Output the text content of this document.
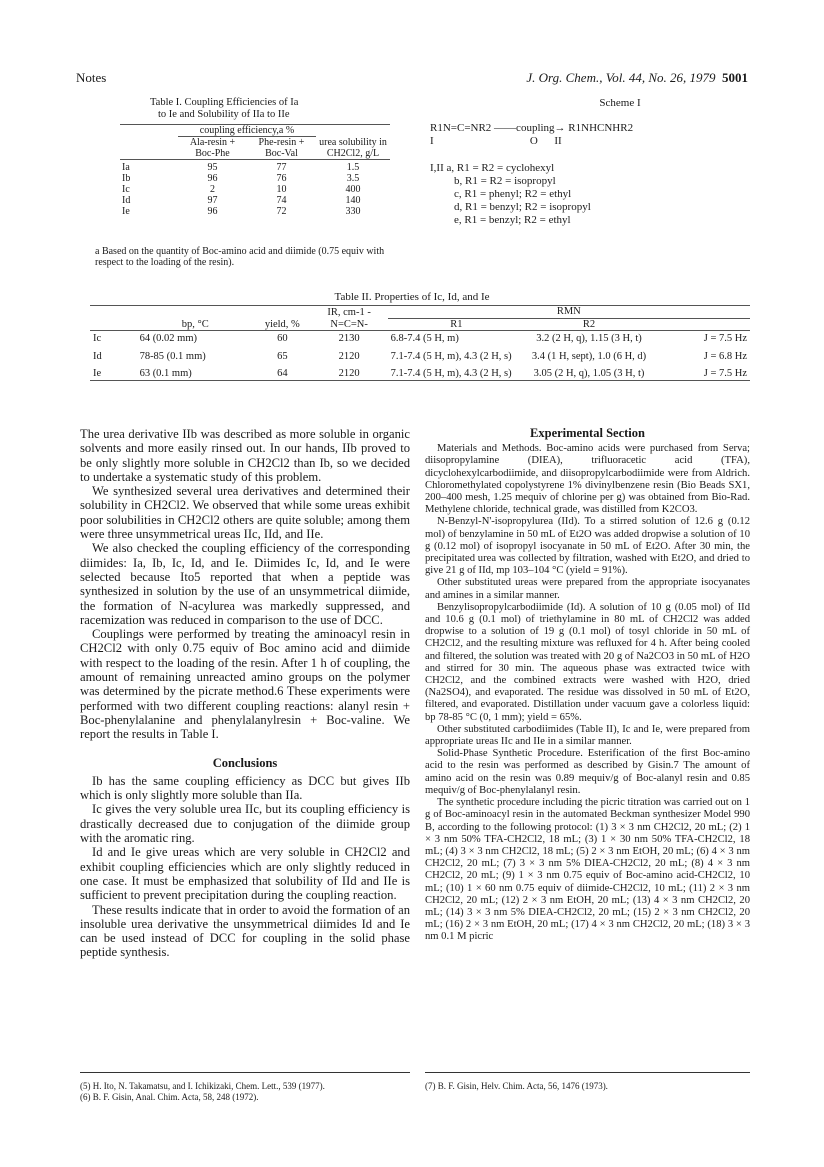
Notes	J. Org. Chem., Vol. 44, No. 26, 1979 5001
Table I. Coupling Efficiencies of Ia
to Ie and Solubility of IIa to IIe
	coupling efficiency,a %		urea solubility in CH2Cl2, g/L
	Ala-resin + Boc-Phe	Phe-resin + Boc-Val	

Ia	95	77	1.5
Ib	96	76	3.5
Ic	2	10	400
Id	97	74	140
Ie	96	72	330
a Based on the quantity of Boc-amino acid and diimide (0.75 equiv with respect to the loading of the resin).
Scheme I
R1N=C=NR2 ——coupling→ R1NHCNHR2
I                                   O      II
I,II a, R1 = R2 = cyclohexyl
b, R1 = R2 = isopropyl
c, R1 = phenyl; R2 = ethyl
d, R1 = benzyl; R2 = isopropyl
e, R1 = benzyl; R2 = ethyl
Table II. Properties of Ic, Id, and Ie
	bp, °C	yield, %	IR, cm-1 -N=C=N-	RMN		
				R1	R2	

Ic	64 (0.02 mm)	60	2130	6.8-7.4 (5 H, m)	3.2 (2 H, q), 1.15 (3 H, t)	J = 7.5 Hz

Id	78-85 (0.1 mm)	65	2120	7.1-7.4 (5 H, m), 4.3 (2 H, s)	3.4 (1 H, sept), 1.0 (6 H, d)	J = 6.8 Hz

Ie	63 (0.1 mm)	64	2120	7.1-7.4 (5 H, m), 4.3 (2 H, s)	3.05 (2 H, q), 1.05 (3 H, t)	J = 7.5 Hz

The urea derivative IIb was described as more soluble in organic solvents and more easily rinsed out. In our hands, IIb proved to be only slightly more soluble in CH2Cl2 than Ib, so we decided to undertake a systematic study of this problem.

We synthesized several urea derivatives and determined their solubility in CH2Cl2. We observed that while some ureas exhibit poor solubilities in CH2Cl2 others are quite soluble; among them were three unsymmetrical ureas IIc, IId, and IIe.

We also checked the coupling efficiency of the corresponding diimides: Ia, Ib, Ic, Id, and Ie. Diimides Ic, Id, and Ie were selected because Ito5 reported that when a peptide was synthesized in solution by the use of an unsymmetrical diimide, the formation of N-acylurea was markedly suppressed, and racemization was reduced in comparison to the use of DCC.

Couplings were performed by treating the aminoacyl resin in CH2Cl2 with only 0.75 equiv of Boc amino acid and diimide with respect to the loading of the resin. After 1 h of coupling, the amount of remaining unreacted amino groups on the polymer was determined by the picrate method.6 These experiments were performed with two different coupling reactions: alanyl resin + Boc-phenylalanine and phenylalanylresin + Boc-valine. We report the results in Table I.

Conclusions

Ib has the same coupling efficiency as DCC but gives IIb which is only slightly more soluble than IIa.

Ic gives the very soluble urea IIc, but its coupling efficiency is drastically decreased due to conjugation of the diimide group with the aromatic ring.

Id and Ie give ureas which are very soluble in CH2Cl2 and exhibit coupling efficiencies which are only slightly reduced in one case. It must be emphasized that solubility of IId and IIe is sufficient to prevent precipitation during the coupling reaction.

These results indicate that in order to avoid the formation of an insoluble urea derivative the unsymmetrical diimides Id and Ie can be used instead of DCC for coupling in the solid phase peptide synthesis.

Experimental Section

Materials and Methods. Boc-amino acids were purchased from Serva; diisopropylamine (DIEA), trifluoracetic acid (TFA), dicyclohexylcarbodiimide, and diisopropylcarbodiimide were from Aldrich. Chloromethylated copolystyrene 1% divinylbenzene resin (Bio Beads SX1, 200–400 mesh, 1.25 mequiv of chlorine per g) was obtained from Bio-Rad. Methylene chloride, technical grade, was distilled from K2CO3.

N-Benzyl-N'-isopropylurea (IId). To a stirred solution of 12.6 g (0.12 mol) of benzylamine in 50 mL of Et2O was added dropwise a solution of 10 g (0.12 mol) of isopropyl isocyanate in 50 mL of Et2O. After 30 min, the precipitated urea was collected by filtration, washed with Et2O, and dried to give 21 g of IId, mp 103–104 °C (yield = 91%).

Other substituted ureas were prepared from the appropriate isocyanates and amines in a similar manner.

Benzylisopropylcarbodiimide (Id). A solution of 10 g (0.05 mol) of IId and 10.6 g (0.1 mol) of triethylamine in 80 mL of CH2Cl2 was added dropwise to a solution of 19 g (0.1 mol) of tosyl chloride in 50 mL of CH2Cl2, and the resulting mixture was refluxed for 4 h. After being cooled and filtered, the solution was treated with 20 g of Na2CO3 in 50 mL of H2O and stirred for 30 min. The aqueous phase was extracted twice with CH2Cl2, and the combined extracts were washed with H2O, dried (Na2SO4), and evaporated. The residue was dissolved in 50 mL of Et2O, filtered, and evaporated. Distillation under vacuum gave a colorless liquid: bp 78-85 °C (0, 1 mm); yield = 65%.

Other substituted carbodiimides (Table II), Ic and Ie, were prepared from appropriate ureas IIc and IIe in a similar manner.

Solid-Phase Synthetic Procedure. Esterification of the first Boc-amino acid to the resin was performed as described by Gisin.7 The amount of amino acid on the resin was 0.89 mequiv/g of Boc-alanyl resin and 0.85 mequiv/g of Boc-phenylalanyl resin.

The synthetic procedure including the picric titration was carried out on 1 g of Boc-aminoacyl resin in the automated Beckman synthesizer Model 990 B, according to the following protocol: (1) 3 × 3 nm CH2Cl2, 20 mL; (2) 1 × 3 nm 50% TFA-CH2Cl2, 18 mL; (3) 1 × 30 nm 50% TFA-CH2Cl2, 18 mL; (4) 3 × 3 nm CH2Cl2, 18 mL; (5) 2 × 3 nm EtOH, 20 mL; (6) 4 × 3 nm CH2Cl2, 20 mL; (7) 3 × 3 nm 5% DIEA-CH2Cl2, 20 mL; (8) 4 × 3 nm CH2Cl2, 20 mL; (9) 1 × 3 nm 0.75 equiv of Boc-amino acid-CH2Cl2, 10 mL; (10) 1 × 60 nm 0.75 equiv of diimide-CH2Cl2, 10 mL; (11) 2 × 3 nm CH2Cl2, 20 mL; (12) 2 × 3 nm EtOH, 20 mL; (13) 4 × 3 nm CH2Cl2, 20 mL; (14) 3 × 3 nm 5% DIEA-CH2Cl2, 20 mL; (15) 2 × 3 nm CH2Cl2, 20 mL; (16) 2 × 3 nm EtOH, 20 mL; (17) 4 × 3 nm CH2Cl2, 20 mL; (18) 3 × 3 nm 0.1 M picric

(5) H. Ito, N. Takamatsu, and I. Ichikizaki, Chem. Lett., 539 (1977).
(6) B. F. Gisin, Anal. Chim. Acta, 58, 248 (1972).
(7) B. F. Gisin, Helv. Chim. Acta, 56, 1476 (1973).
